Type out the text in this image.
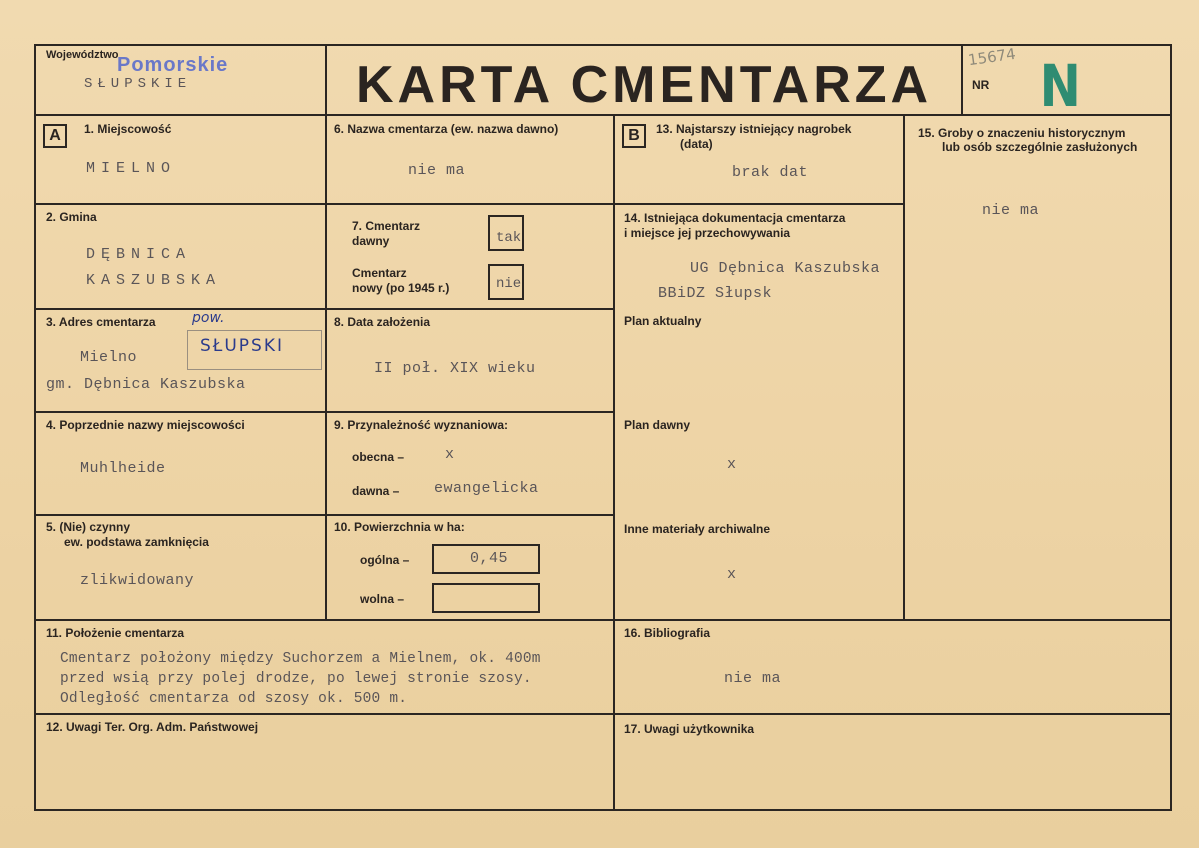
Województwo
Pomorskie
SŁUPSKIE	KARTA CMENTARZA 15674
NR N
A	B
1. Miejscowość
MIELNO
2. Gmina
DĘBNICA
KASZUBSKA
3. Adres cmentarza	pow.
SŁUPSKI
Mielno
gm. Dębnica Kaszubska
4. Poprzednie nazwy miejscowości
Muhlheide
5. (Nie) czynny
ew. podstawa zamknięcia
zlikwidowany
6. Nazwa cmentarza (ew. nazwa dawno)
nie ma
7. Cmentarz
dawny	tak
Cmentarz
nowy (po 1945 r.)	nie
8. Data założenia
II poł. XIX wieku
9. Przynależność wyznaniowa:
obecna –	x
dawna – ewangelicka
10. Powierzchnia w ha:
ogólna –	0,45
wolna –
11. Położenie cmentarza
Cmentarz położony między Suchorzem a Mielnem, ok. 400m
przed wsią przy polej drodze, po lewej stronie szosy.
Odległość cmentarza od szosy ok. 500 m.
12. Uwagi Ter. Org. Adm. Państwowej
13. Najstarszy istniejący nagrobek
(data)
brak dat
14. Istniejąca dokumentacja cmentarza
i miejsce jej przechowywania
UG Dębnica Kaszubska
BBiDZ Słupsk
Plan aktualny
Plan dawny
x
Inne materiały archiwalne
x
15. Groby o znaczeniu historycznym
lub osób szczególnie zasłużonych
nie ma
16. Bibliografia
nie ma
17. Uwagi użytkownika
